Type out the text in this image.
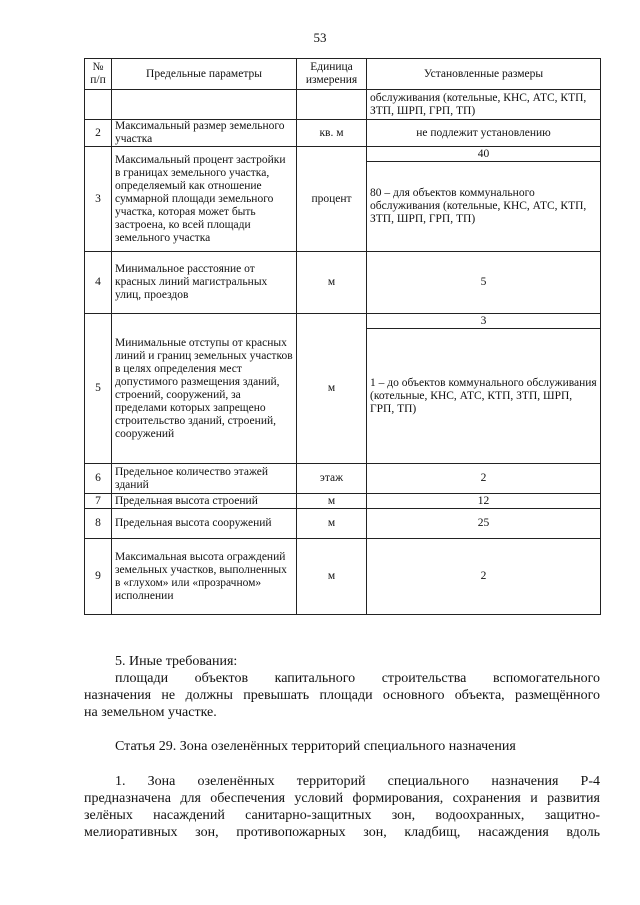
53
№ п/п	Предельные параметры	Единица измерения	Установленные размеры
			обслуживания (котельные, КНС, АТС, КТП, ЗТП, ШРП, ГРП, ТП)
2	Максимальный размер земельного участка	кв. м	не подлежит установлению
3	Максимальный процент застройки в границах земельного участка, определяемый как отношение суммарной площади земельного участка, которая может быть застроена, ко всей площади земельного участка	процент	40
			80 – для объектов коммунального обслуживания (котельные, КНС, АТС, КТП, ЗТП, ШРП, ГРП, ТП)
4	Минимальное расстояние от красных линий магистральных улиц, проездов	м	5
5	Минимальные отступы от красных линий и границ земельных участков в целях определения мест допустимого размещения зданий, строений, сооружений, за пределами которых запрещено строительство зданий, строений, сооружений	м	3
			1 – до объектов коммунального обслуживания (котельные, КНС, АТС, КТП, ЗТП, ШРП, ГРП, ТП)
6	Предельное количество этажей зданий	этаж	2
7	Предельная высота строений	м	12
8	Предельная высота сооружений	м	25
9	Максимальная высота ограждений земельных участков, выполненных в «глухом» или «прозрачном» исполнении	м	2

5. Иные требования:

площади объектов капитального строительства вспомогательного

назначения не должны превышать площади основного объекта, размещённого

на земельном участке.

Статья 29. Зона озеленённых территорий специального назначения

1. Зона озеленённых территорий специального назначения Р-4

предназначена для обеспечения условий формирования, сохранения и развития

зелёных насаждений санитарно-защитных зон, водоохранных, защитно-

мелиоративных зон, противопожарных зон, кладбищ, насаждения вдоль
